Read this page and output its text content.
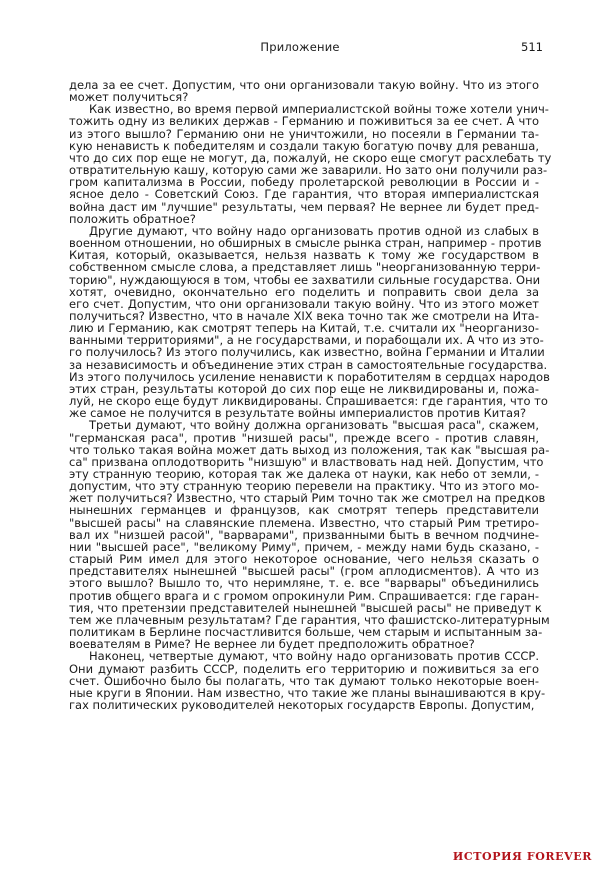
Приложение	511

дела за ее счет. Допустим, что они организовали такую войну. Что из этого
может получиться?

Как известно, во время первой империалистской войны тоже хотели унич-
тожить одну из великих держав - Германию и поживиться за ее счет. А что
из этого вышло? Германию они не уничтожили, но посеяли в Германии та-
кую ненависть к победителям и создали такую богатую почву для реванша,
что до сих пор еще не могут, да, пожалуй, не скоро еще смогут расхлебать ту
отвратительную кашу, которую сами же заварили. Но зато они получили раз-
гром капитализма в России, победу пролетарской революции в России и -
ясное дело - Советский Союз. Где гарантия, что вторая империалистская
война даст им "лучшие" результаты, чем первая? Не вернее ли будет пред-
положить обратное?

Другие думают, что войну надо организовать против одной из слабых в
военном отношении, но обширных в смысле рынка стран, например - против
Китая, который, оказывается, нельзя назвать к тому же государством в
собственном смысле слова, а представляет лишь "неорганизованную терри-
торию", нуждающуюся в том, чтобы ее захватили сильные государства. Они
хотят, очевидно, окончательно его поделить и поправить свои дела за
его счет. Допустим, что они организовали такую войну. Что из этого может
получиться? Известно, что в начале XIX века точно так же смотрели на Ита-
лию и Германию, как смотрят теперь на Китай, т.е. считали их "неорганизо-
ванными территориями", а не государствами, и порабощали их. А что из это-
го получилось? Из этого получились, как известно, война Германии и Италии
за независимость и объединение этих стран в самостоятельные государства.
Из этого получилось усиление ненависти к поработителям в сердцах народов
этих стран, результаты которой до сих пор еще не ликвидированы и, пожа-
луй, не скоро еще будут ликвидированы. Спрашивается: где гарантия, что то
же самое не получится в результате войны империалистов против Китая?

Третьи думают, что войну должна организовать "высшая раса", скажем,
"германская раса", против "низшей расы", прежде всего - против славян,
что только такая война может дать выход из положения, так как "высшая ра-
са" призвана оплодотворить "низшую" и властвовать над ней. Допустим, что
эту странную теорию, которая так же далека от науки, как небо от земли, -
допустим, что эту странную теорию перевели на практику. Что из этого мо-
жет получиться? Известно, что старый Рим точно так же смотрел на предков
нынешних германцев и французов, как смотрят теперь представители
"высшей расы" на славянские племена. Известно, что старый Рим третиро-
вал их "низшей расой", "варварами", призванными быть в вечном подчине-
нии "высшей расе", "великому Риму", причем, - между нами будь сказано, -
старый Рим имел для этого некоторое основание, чего нельзя сказать о
представителях нынешней "высшей расы" (гром аплодисментов). А что из
этого вышло? Вышло то, что неримляне, т. е. все "варвары" объединились
против общего врага и с громом опрокинули Рим. Спрашивается: где гаран-
тия, что претензии представителей нынешней "высшей расы" не приведут к
тем же плачевным результатам? Где гарантия, что фашистско-литературным
политикам в Берлине посчастливится больше, чем старым и испытанным за-
воевателям в Риме? Не вернее ли будет предположить обратное?

Наконец, четвертые думают, что войну надо организовать против СССР.
Они думают разбить СССР, поделить его территорию и поживиться за его
счет. Ошибочно было бы полагать, что так думают только некоторые воен-
ные круги в Японии. Нам известно, что такие же планы вынашиваются в кру-
гах политических руководителей некоторых государств Европы. Допустим,

ИСТОРИЯ FOREVER
